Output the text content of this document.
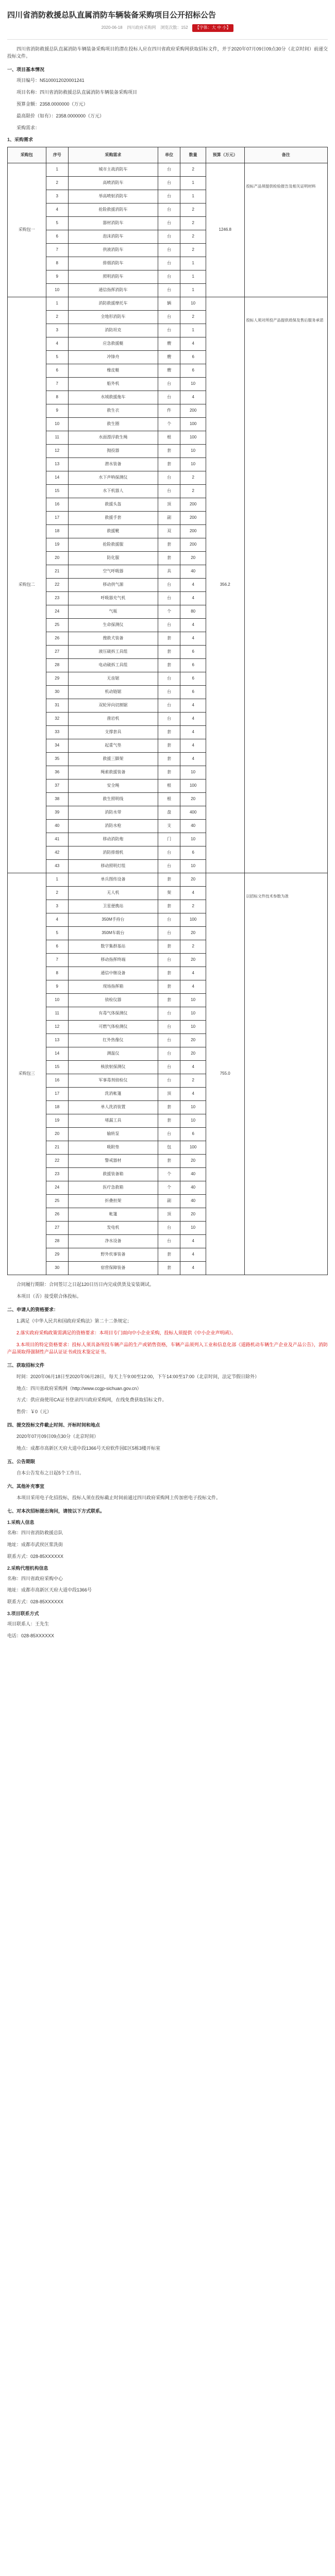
四川省消防救援总队直属消防车辆装备采购项目公开招标公告
2020-06-18 四川政府采购网 浏览次数：152 【字体：大 中 小】

四川省消防救援总队直属消防车辆装备采购项目的潜在投标人应在四川省政府采购网获取招标文件，并于2020年07月09日09点30分（北京时间）前递交投标文件。

一、项目基本情况

项目编号：N5100012020001241

项目名称：四川省消防救援总队直属消防车辆装备采购项目

预算金额：2358.0000000（万元）

最高限价（如有）：2358.0000000（万元）

采购需求：

1、采购需求
采购包	序号	采购需求	单位	数量	预算（万元）	备注
采购包一	1	城市主战消防车	台	2	1246.8	投标产品须提供检验报告及相关证明材料
	2	高喷消防车	台	1		
	3	举高喷射消防车	台	1		
	4	抢险救援消防车	台	2		
	5	器材消防车	台	2		
	6	泡沫消防车	台	2		
	7	供液消防车	台	2		
	8	排烟消防车	台	1		
	9	照明消防车	台	1		
	10	通信指挥消防车	台	1		
采购包二	1	消防救援摩托车	辆	10	356.2	投标人须对所投产品提供质保及售后服务承诺
	2	全地形消防车	台	2		
	3	消防坦克	台	1		
	4	应急救援艇	艘	4		
	5	冲锋舟	艘	6		
	6	橡皮艇	艘	6		
	7	船外机	台	10		
	8	水域救援拖车	台	4		
	9	救生衣	件	200		
	10	救生圈	个	100		
	11	水面漂浮救生绳	根	100		
	12	抛投器	套	10		
	13	潜水装备	套	10		
	14	水下声呐探测仪	台	2		
	15	水下机器人	台	2		
	16	救援头盔	顶	200		
	17	救援手套	副	200		
	18	救援靴	双	200		
	19	抢险救援服	套	200		
	20	防化服	套	20		
	21	空气呼吸器	具	40		
	22	移动供气源	台	4		
	23	呼吸器充气机	台	4		
	24	气瓶	个	80		
	25	生命探测仪	台	4		
	26	搜救犬装备	套	4		
	27	液压破拆工具组	套	6		
	28	电动破拆工具组	套	6		
	29	无齿锯	台	6		
	30	机动链锯	台	6		
	31	双轮异向切割锯	台	4		
	32	凿岩机	台	4		
	33	支撑套具	套	4		
	34	起重气垫	套	4		
	35	救援三脚架	套	4		
	36	绳索救援装备	套	10		
	37	安全绳	根	100		
	38	救生照明线	根	20		
	39	消防水带	盘	400		
	40	消防水枪	支	40		
	41	移动消防炮	门	10		
	42	消防排烟机	台	6		
	43	移动照明灯组	台	10		
采购包三	1	单兵图传设备	套	20	755.0	以招标文件技术参数为准
	2	无人机	架	4		
	3	卫星便携站	套	2		
	4	350M手持台	台	100		
	5	350M车载台	台	20		
	6	数字集群基站	套	2		
	7	移动指挥终端	台	20		
	8	通信中继设备	套	4		
	9	现场指挥箱	套	4		
	10	侦检仪器	套	10		
	11	有毒气体探测仪	台	10		
	12	可燃气体检测仪	台	10		
	13	红外热像仪	台	20		
	14	测温仪	台	20		
	15	核放射探测仪	台	4		
	16	军事毒剂侦检仪	台	2		
	17	洗消帐篷	顶	4		
	18	单人洗消装置	套	10		
	19	堵漏工具	套	10		
	20	输转泵	台	6		
	21	吸附垫	包	100		
	22	警戒器材	套	20		
	23	救援装备箱	个	40		
	24	医疗急救箱	个	40		
	25	折叠担架	副	40		
	26	帐篷	顶	20		
	27	发电机	台	10		
	28	净水设备	台	4		
	29	野外炊事装备	套	4		
	30	宿营保障装备	套	4		

合同履行期限：合同签订之日起120日历日内完成供货及安装调试。

本项目（否）接受联合体投标。

二、申请人的资格要求：

1.满足《中华人民共和国政府采购法》第二十二条规定；

2.落实政府采购政策需满足的资格要求：本项目专门面向中小企业采购，投标人须提供《中小企业声明函》。

3.本项目的特定资格要求：投标人须具备所投车辆产品的生产或销售资格，车辆产品须列入工业和信息化部《道路机动车辆生产企业及产品公告》，消防产品须取得强制性产品认证证书或技术鉴定证书。

三、获取招标文件

时间：2020年06月18日至2020年06月28日，每天上午9:00至12:00，下午14:00至17:00（北京时间，法定节假日除外）

地点：四川省政府采购网（http://www.ccgp-sichuan.gov.cn）

方式：供应商使用CA证书登录四川政府采购网，在线免费获取招标文件。

售价：￥0（元）

四、提交投标文件截止时间、开标时间和地点

2020年07月09日09点30分（北京时间）

地点：成都市高新区天府大道中段1366号天府软件园E区5栋3楼开标室

五、公告期限

自本公告发布之日起5个工作日。

六、其他补充事宜

本项目采用电子化招投标，投标人须在投标截止时间前通过四川政府采购网上传加密电子投标文件。

七、对本次招标提出询问，请按以下方式联系。
1.采购人信息

名称：四川省消防救援总队

地址：成都市武侯区浆洗街

联系方式：028-85XXXXXX

2.采购代理机构信息

名称：四川省政府采购中心

地址：成都市高新区天府大道中段1366号

联系方式：028-85XXXXXX

3.项目联系方式

项目联系人：王先生

电话：028-85XXXXXX
